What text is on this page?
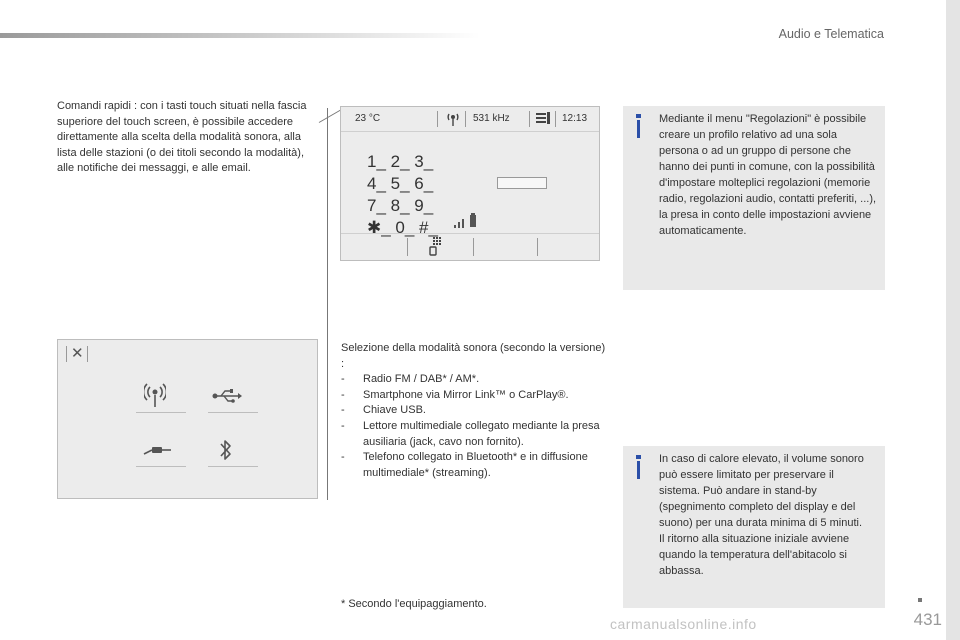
Audio e Telematica

Comandi rapidi : con i tasti touch situati nella fascia superiore del touch screen, è possibile accedere direttamente alla scelta della modalità sonora, alla lista delle stazioni (o dei titoli secondo la modalità), alle notifiche dei messaggi, e alle email.

23 °C	531 kHz	12:13
1_ 2_ 3_
4_ 5_ 6_
7_ 8_ 9_
✱_ 0_ #_
✕	Selezione della modalità sonora (secondo la versione) :
- Radio FM / DAB* / AM*.
- Smartphone via Mirror Link™ o CarPlay®.
- Chiave USB.
- Lettore multimediale collegato mediante la presa ausiliaria (jack, cavo non fornito).
- Telefono collegato in Bluetooth* e in diffusione multimediale* (streaming).
* Secondo l'equipaggiamento.
Mediante il menu "Regolazioni" è possibile creare un profilo relativo ad una sola persona o ad un gruppo di persone che hanno dei punti in comune, con la possibilità d'impostare molteplici regolazioni (memorie radio, regolazioni audio, contatti preferiti, ...), la presa in conto delle impostazioni avviene automaticamente.
In caso di calore elevato, il volume sonoro può essere limitato per preservare il sistema. Può andare in stand-by (spegnimento completo del display e del suono) per una durata minima di 5 minuti.
Il ritorno alla situazione iniziale avviene quando la temperatura dell'abitacolo si abbassa.
431
carmanualsonline.info
